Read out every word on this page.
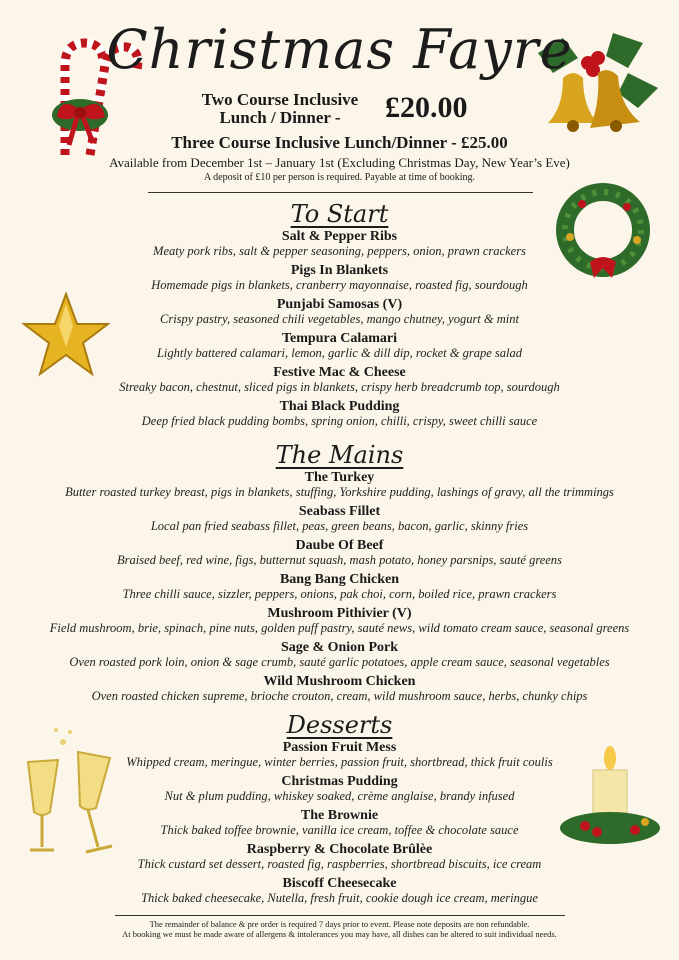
Christmas Fayre
Two Course Inclusive Lunch / Dinner -	£20.00
Three Course Inclusive Lunch/Dinner - £25.00
Available from December 1st – January 1st (Excluding Christmas Day, New Year’s Eve)
A deposit of £10 per person is required. Payable at time of booking.
To Start
Salt & Pepper Ribs
Meaty pork ribs, salt & pepper seasoning, peppers, onion, prawn crackers
Pigs In Blankets
Homemade pigs in blankets, cranberry mayonnaise, roasted fig, sourdough
Punjabi Samosas (V)
Crispy pastry, seasoned chili vegetables, mango chutney, yogurt & mint
Tempura Calamari
Lightly battered calamari, lemon, garlic & dill dip, rocket & grape salad
Festive Mac & Cheese
Streaky bacon, chestnut, sliced pigs in blankets, crispy herb breadcrumb top, sourdough
Thai Black Pudding
Deep fried black pudding bombs, spring onion, chilli, crispy, sweet chilli sauce
The Mains
The Turkey
Butter roasted turkey breast, pigs in blankets, stuffing, Yorkshire pudding, lashings of gravy, all the trimmings
Seabass Fillet
Local pan fried seabass fillet, peas, green beans, bacon, garlic, skinny fries
Daube Of Beef
Braised beef, red wine, figs, butternut squash, mash potato, honey parsnips, sauté greens
Bang Bang Chicken
Three chilli sauce, sizzler, peppers, onions, pak choi, corn, boiled rice, prawn crackers
Mushroom Pithivier (V)
Field mushroom, brie, spinach, pine nuts, golden puff pastry, sauté news, wild tomato cream sauce, seasonal greens
Sage & Onion Pork
Oven roasted pork loin, onion & sage crumb, sauté garlic potatoes, apple cream sauce, seasonal vegetables
Wild Mushroom Chicken
Oven roasted chicken supreme, brioche crouton, cream, wild mushroom sauce, herbs, chunky chips
Desserts
Passion Fruit Mess
Whipped cream, meringue, winter berries, passion fruit, shortbread, thick fruit coulis
Christmas Pudding
Nut & plum pudding, whiskey soaked, crème anglaise, brandy infused
The Brownie
Thick baked toffee brownie, vanilla ice cream, toffee & chocolate sauce
Raspberry & Chocolate Brûlèe
Thick custard set dessert, roasted fig, raspberries, shortbread biscuits, ice cream
Biscoff Cheesecake
Thick baked cheesecake, Nutella, fresh fruit, cookie dough ice cream, meringue
The remainder of balance & pre order is required 7 days prior to event. Please note deposits are non refundable.
At booking we must be made aware of allergens & intolerances you may have, all dishes can be altered to suit individual needs.
